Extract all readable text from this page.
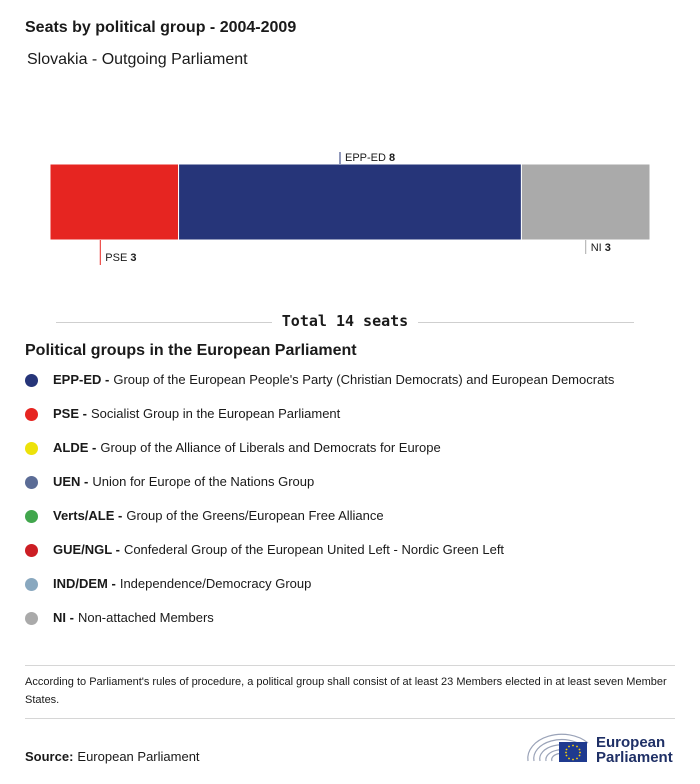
Seats by political group - 2004-2009
Slovakia - Outgoing Parliament
PSE 3
EPP-ED 8
NI 3
Total 14 seats
Political groups in the European Parliament
EPP-ED - Group of the European People's Party (Christian Democrats) and European Democrats
PSE - Socialist Group in the European Parliament
ALDE - Group of the Alliance of Liberals and Democrats for Europe
UEN - Union for Europe of the Nations Group
Verts/ALE - Group of the Greens/European Free Alliance
GUE/NGL - Confederal Group of the European United Left - Nordic Green Left
IND/DEM - Independence/Democracy Group
NI - Non-attached Members
According to Parliament's rules of procedure, a political group shall consist of at least 23 Members elected in at least seven Member States.
Source: European Parliament
European
Parliament
